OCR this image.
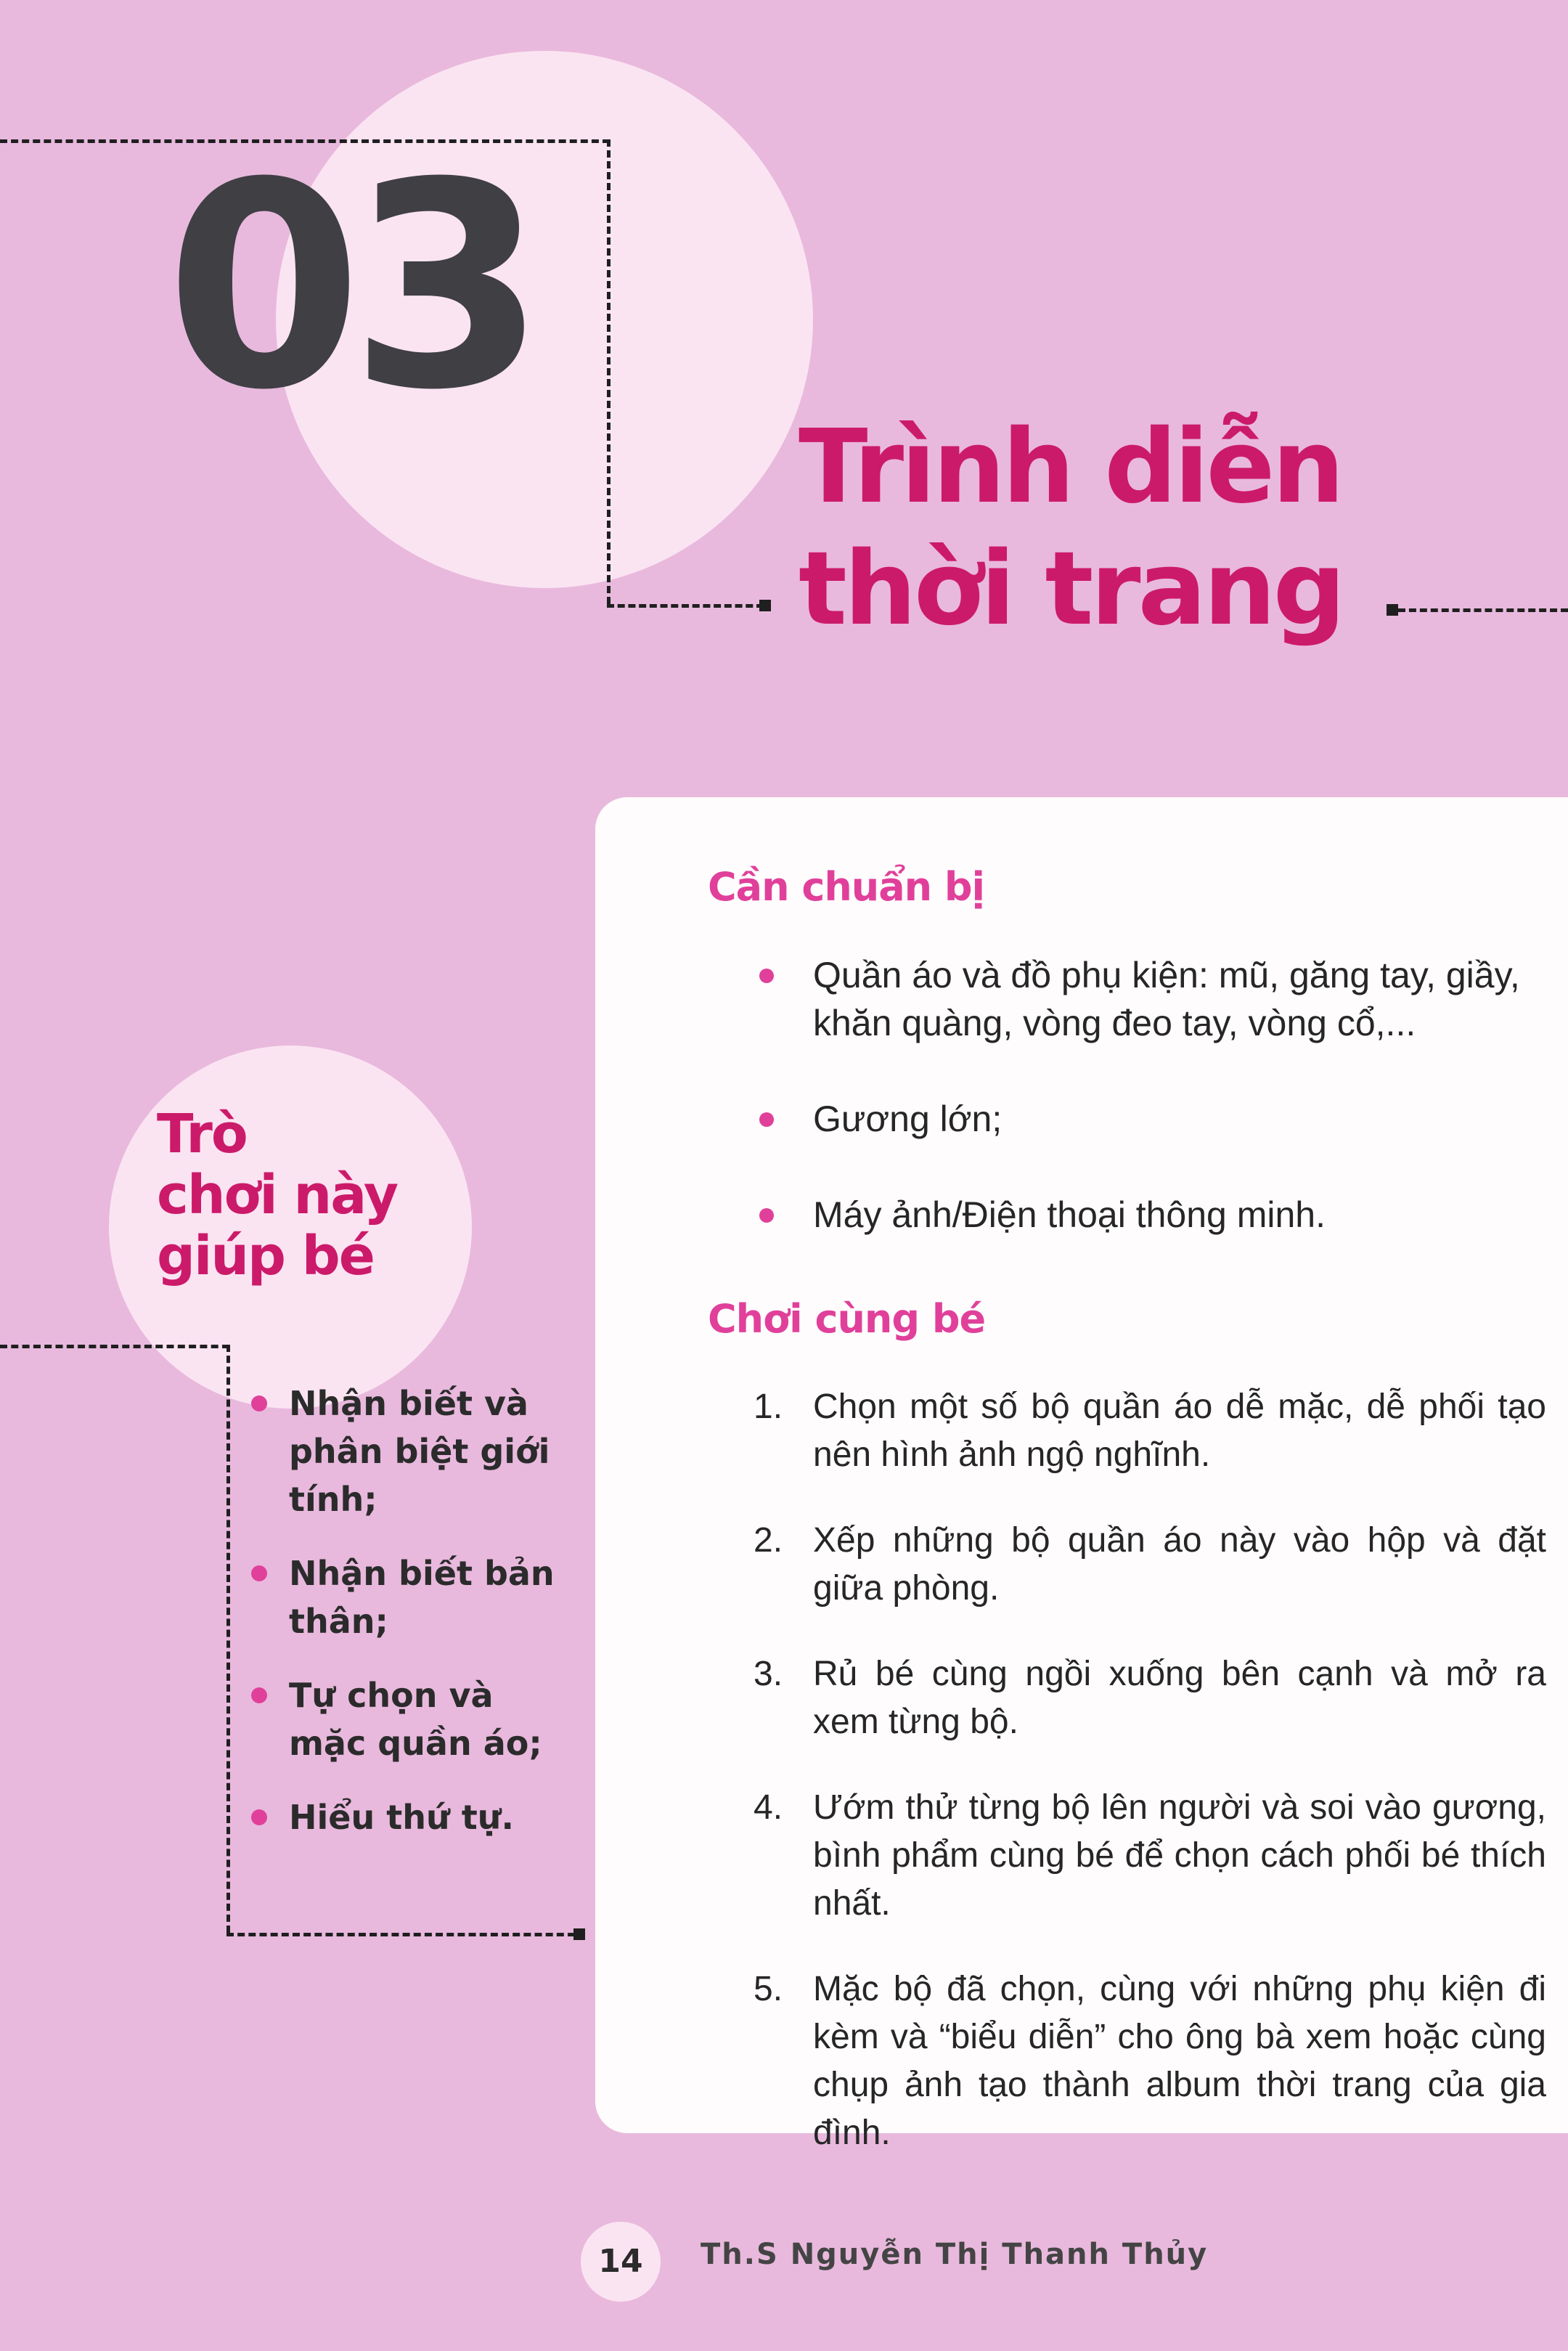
03
Trình diễn
thời trang
Trò
chơi này
giúp bé
Nhận biết và phân biệt giới tính;
Nhận biết bản thân;
Tự chọn và mặc quần áo;
Hiểu thứ tự.
Cần chuẩn bị
Quần áo và đồ phụ kiện: mũ, găng tay, giầy, khăn quàng, vòng đeo tay, vòng cổ,...
Gương lớn;
Máy ảnh/Điện thoại thông minh.
Chơi cùng bé
1. Chọn một số bộ quần áo dễ mặc, dễ phối tạo nên hình ảnh ngộ nghĩnh.
2. Xếp những bộ quần áo này vào hộp và đặt giữa phòng.
3. Rủ bé cùng ngồi xuống bên cạnh và mở ra xem từng bộ.
4. Ướm thử từng bộ lên người và soi vào gương, bình phẩm cùng bé để chọn cách phối bé thích nhất.
5. Mặc bộ đã chọn, cùng với những phụ kiện đi kèm và “biểu diễn” cho ông bà xem hoặc cùng chụp ảnh tạo thành album thời trang của gia đình.
14	Th.S Nguyễn Thị Thanh Thủy
